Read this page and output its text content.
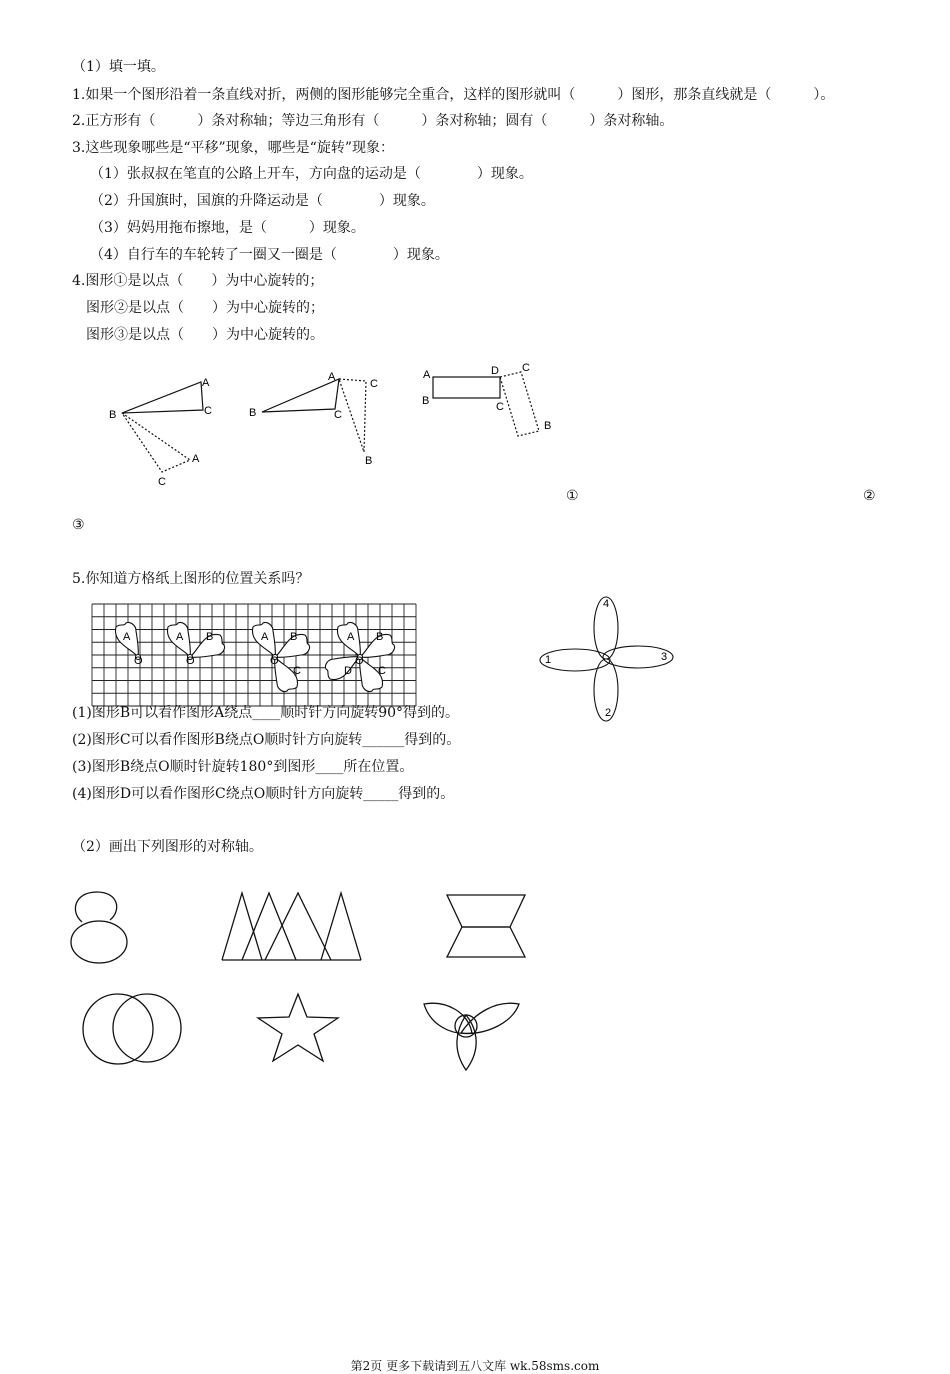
（1）填一填。
1.如果一个图形沿着一条直线对折，两侧的图形能够完全重合，这样的图形就叫（　　　）图形，那条直线就是（　　　）。
2.正方形有（　　　）条对称轴；等边三角形有（　　　）条对称轴；圆有（　　　）条对称轴。
3.这些现象哪些是“平移”现象，哪些是“旋转”现象：
（1）张叔叔在笔直的公路上开车，方向盘的运动是（　　　　）现象。
（2）升国旗时，国旗的升降运动是（　　　　）现象。
（3）妈妈用拖布擦地，是（　　　）现象。
（4）自行车的车轮转了一圈又一圈是（　　　　）现象。
4.图形①是以点（　　）为中心旋转的；
图形②是以点（　　）为中心旋转的；
图形③是以点（　　）为中心旋转的。
A
B	C
A
C
A
B	C
C
B
A
B
D
C
C
B
①	②
③
5.你知道方格纸上图形的位置关系吗？
A
O
A B
O
A B
C
O
A B
C
D
O
4
1	3
2
(1)图形B可以看作图形A绕点____顺时针方向旋转90°得到的。
(2)图形C可以看作图形B绕点O顺时针方向旋转______得到的。
(3)图形B绕点O顺时针旋转180°到图形____所在位置。
(4)图形D可以看作图形C绕点O顺时针方向旋转_____得到的。
（2）画出下列图形的对称轴。
第2页 更多下载请到五八文库 wk.58sms.com
